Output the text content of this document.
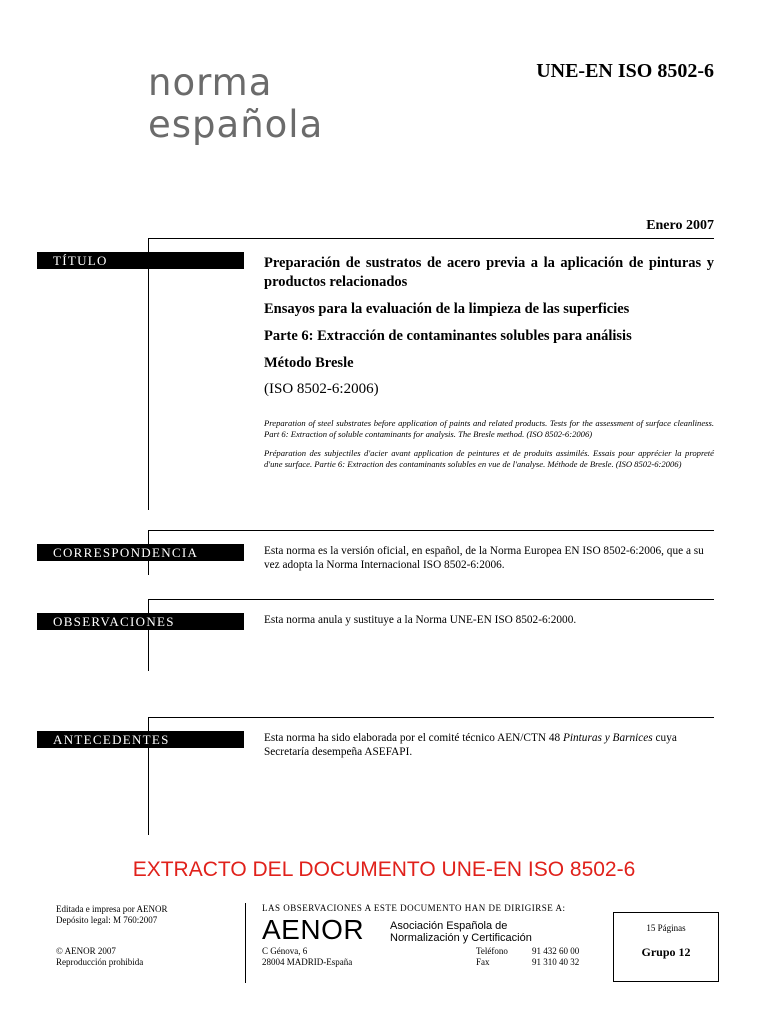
norma
española
UNE-EN ISO 8502-6
Enero 2007
TÍTULO	Preparación de sustratos de acero previa a la aplicación de pinturas y productos relacionados

Ensayos para la evaluación de la limpieza de las superficies

Parte 6: Extracción de contaminantes solubles para análisis

Método Bresle

(ISO 8502-6:2006)

Preparation of steel substrates before application of paints and related products. Tests for the assessment of surface cleanliness. Part 6: Extraction of soluble contaminants for analysis. The Bresle method. (ISO 8502-6:2006)

Préparation des subjectiles d'acier avant application de peintures et de produits assimilés. Essais pour apprécier la propreté d'une surface. Partie 6: Extraction des contaminants solubles en vue de l'analyse. Méthode de Bresle. (ISO 8502-6:2006)

CORRESPONDENCIA	Esta norma es la versión oficial, en español, de la Norma Europea EN ISO 8502-6:2006, que a su vez adopta la Norma Internacional ISO 8502-6:2006.
OBSERVACIONES	Esta norma anula y sustituye a la Norma UNE-EN ISO 8502-6:2000.
ANTECEDENTES	Esta norma ha sido elaborada por el comité técnico AEN/CTN 48 Pinturas y Barnices cuya Secretaría desempeña ASEFAPI.
EXTRACTO DEL DOCUMENTO UNE-EN ISO 8502-6
Editada e impresa por AENOR
Depósito legal: M 760:2007
© AENOR 2007
Reproducción prohibida
LAS OBSERVACIONES A ESTE DOCUMENTO HAN DE DIRIGIRSE A:
AENOR Asociación Española de
Normalización y Certificación
C Génova, 6
28004 MADRID-España
Teléfono	91 432 60 00
Fax	91 310 40 32
15 Páginas
Grupo 12
